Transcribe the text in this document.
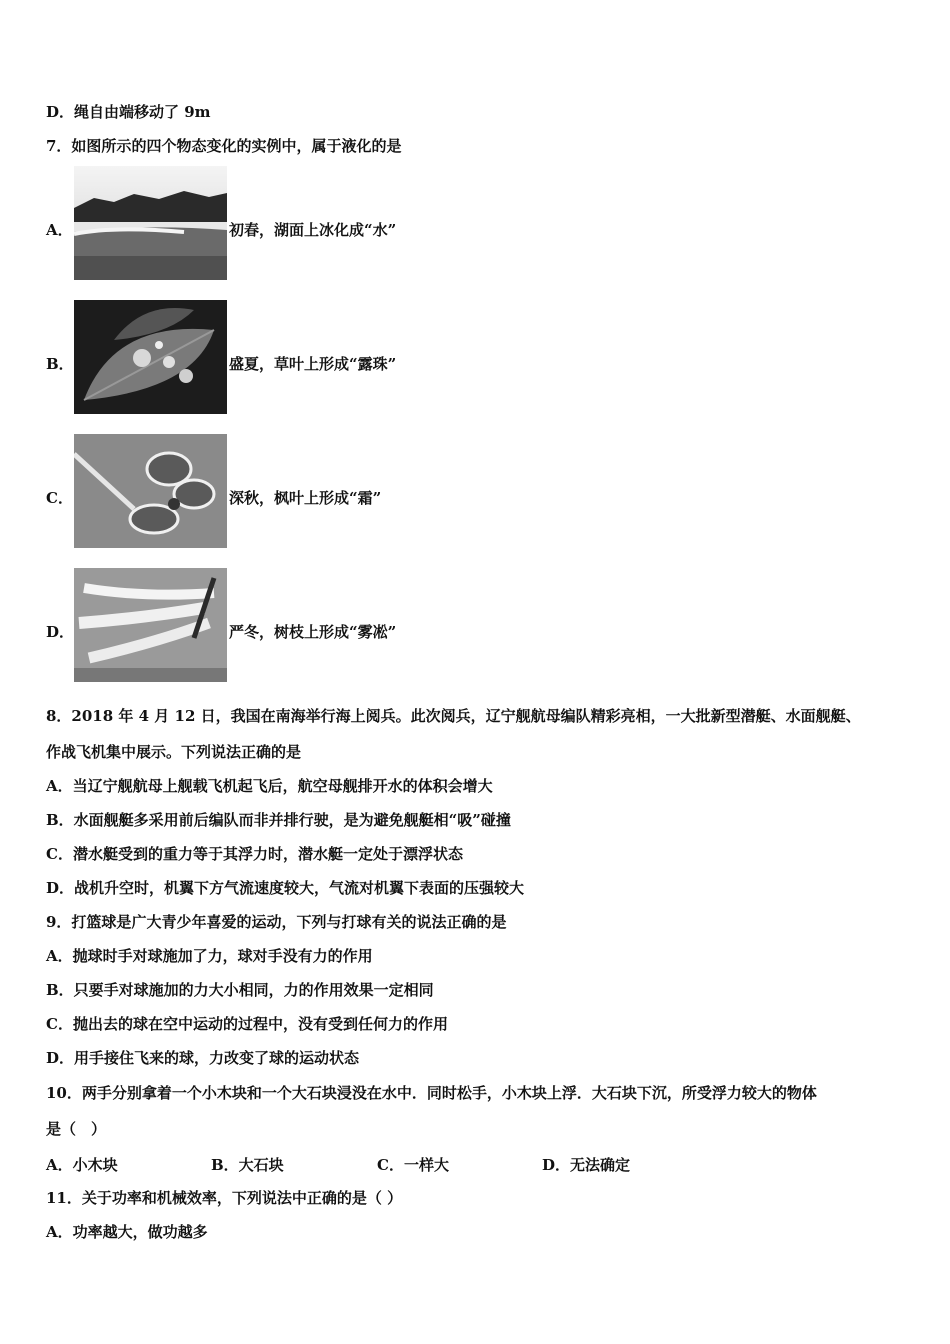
D．绳自由端移动了 9m
7．如图所示的四个物态变化的实例中，属于液化的是
A．	初春，湖面上冰化成“水”
B．	盛夏，草叶上形成“露珠”
C．	深秋，枫叶上形成“霜”
D．	严冬，树枝上形成“雾凇”
8．2018 年 4 月 12 日，我国在南海举行海上阅兵。此次阅兵，辽宁舰航母编队精彩亮相，一大批新型潜艇、水面舰艇、
作战飞机集中展示。下列说法正确的是
A．当辽宁舰航母上舰载飞机起飞后，航空母舰排开水的体积会增大
B．水面舰艇多采用前后编队而非并排行驶，是为避免舰艇相“吸”碰撞
C．潜水艇受到的重力等于其浮力时，潜水艇一定处于漂浮状态
D．战机升空时，机翼下方气流速度较大，气流对机翼下表面的压强较大
9．打篮球是广大青少年喜爱的运动，下列与打球有关的说法正确的是
A．抛球时手对球施加了力，球对手没有力的作用
B．只要手对球施加的力大小相同，力的作用效果一定相同
C．抛出去的球在空中运动的过程中，没有受到任何力的作用
D．用手接住飞来的球，力改变了球的运动状态
10．两手分别拿着一个小木块和一个大石块浸没在水中．同时松手，小木块上浮．大石块下沉，所受浮力较大的物体
是（　）
A．小木块	B．大石块	C．一样大	D．无法确定
11．关于功率和机械效率，下列说法中正确的是（ ）
A．功率越大，做功越多
